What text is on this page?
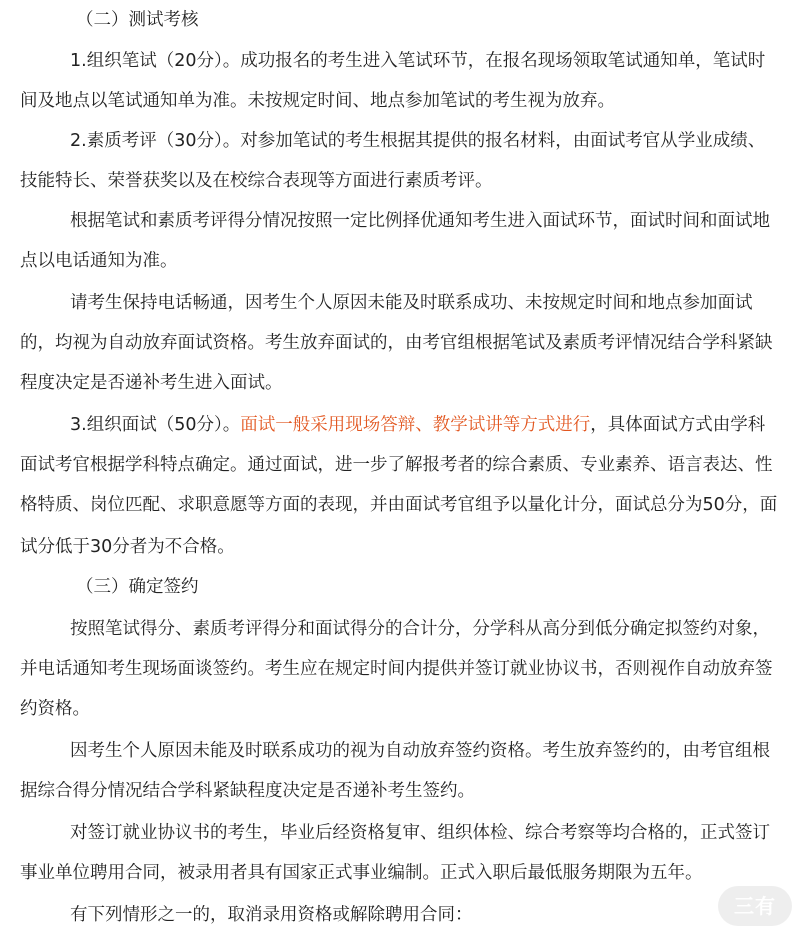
（二）测试考核
1.组织笔试（20分）。成功报名的考生进入笔试环节，在报名现场领取笔试通知单，笔试时
间及地点以笔试通知单为准。未按规定时间、地点参加笔试的考生视为放弃。
2.素质考评（30分）。对参加笔试的考生根据其提供的报名材料，由面试考官从学业成绩、
技能特长、荣誉获奖以及在校综合表现等方面进行素质考评。
根据笔试和素质考评得分情况按照一定比例择优通知考生进入面试环节，面试时间和面试地
点以电话通知为准。
请考生保持电话畅通，因考生个人原因未能及时联系成功、未按规定时间和地点参加面试
的，均视为自动放弃面试资格。考生放弃面试的，由考官组根据笔试及素质考评情况结合学科紧缺
程度决定是否递补考生进入面试。
3.组织面试（50分）。面试一般采用现场答辩、教学试讲等方式进行，具体面试方式由学科
面试考官根据学科特点确定。通过面试，进一步了解报考者的综合素质、专业素养、语言表达、性
格特质、岗位匹配、求职意愿等方面的表现，并由面试考官组予以量化计分，面试总分为50分，面
试分低于30分者为不合格。
（三）确定签约
按照笔试得分、素质考评得分和面试得分的合计分，分学科从高分到低分确定拟签约对象，
并电话通知考生现场面谈签约。考生应在规定时间内提供并签订就业协议书，否则视作自动放弃签
约资格。
因考生个人原因未能及时联系成功的视为自动放弃签约资格。考生放弃签约的，由考官组根
据综合得分情况结合学科紧缺程度决定是否递补考生签约。
对签订就业协议书的考生，毕业后经资格复审、组织体检、综合考察等均合格的，正式签订
事业单位聘用合同，被录用者具有国家正式事业编制。正式入职后最低服务期限为五年。
有下列情形之一的，取消录用资格或解除聘用合同：	三有
